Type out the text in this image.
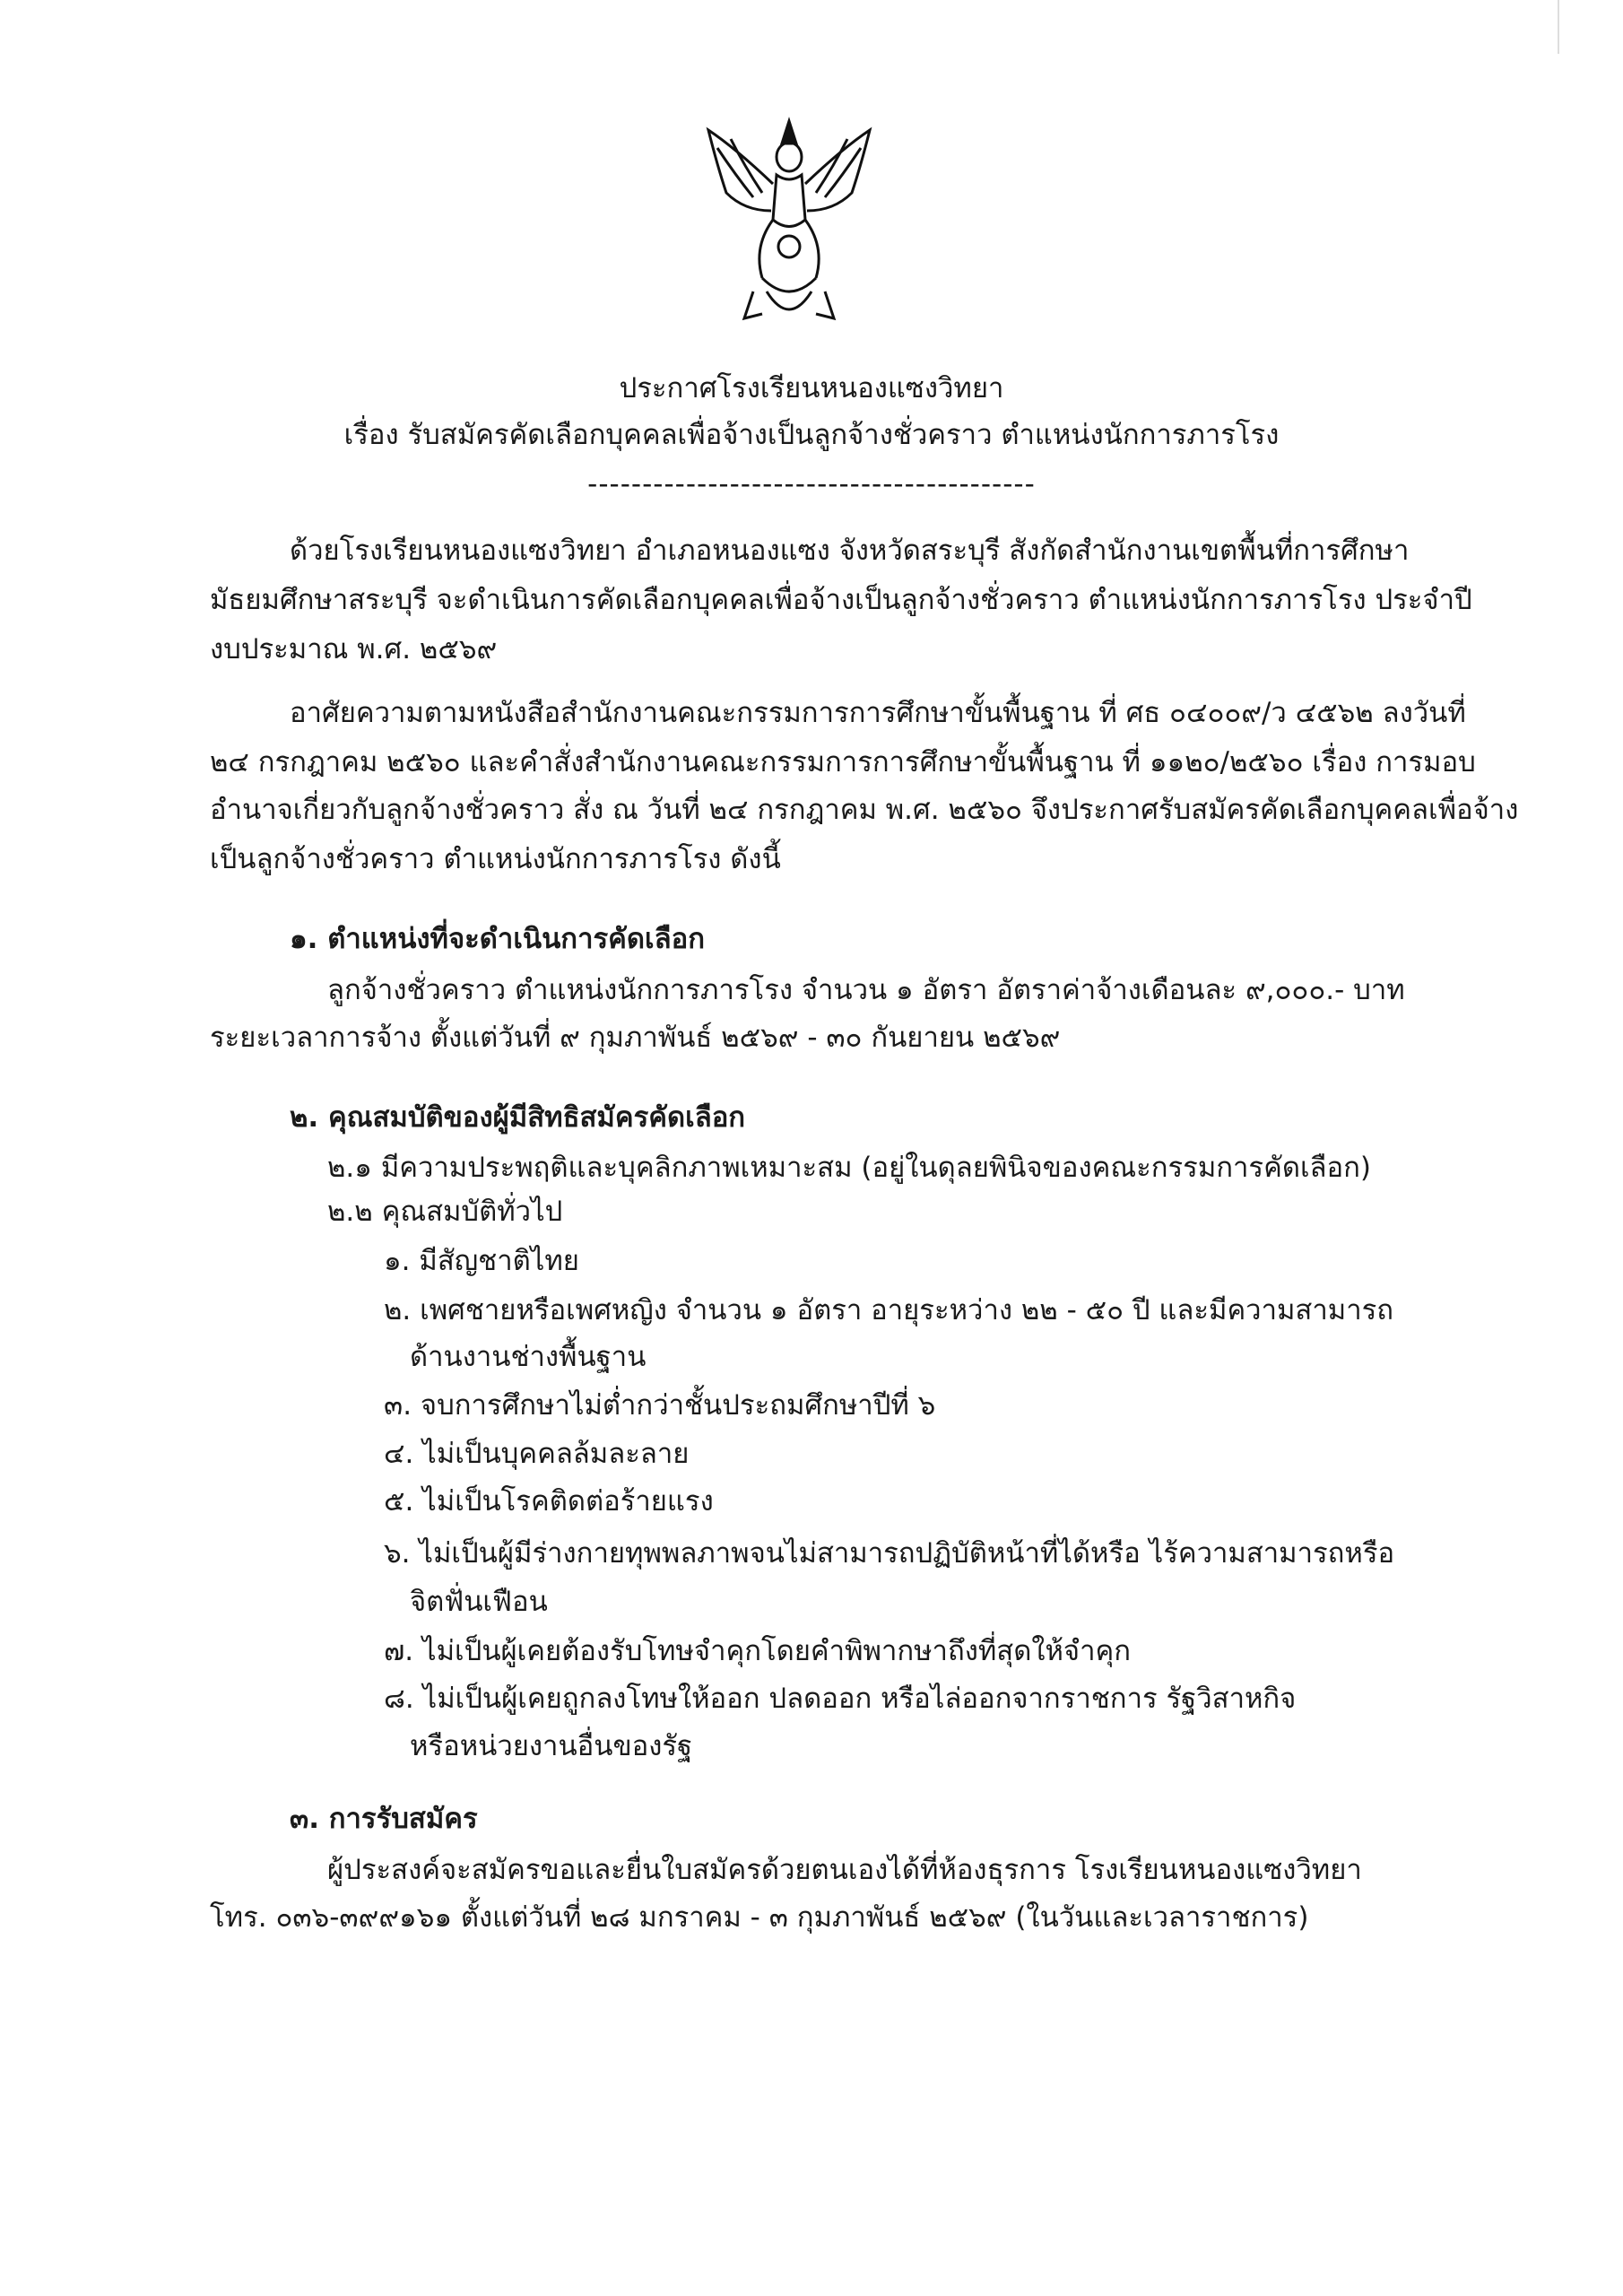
ประกาศโรงเรียนหนองแซงวิทยา
เรื่อง รับสมัครคัดเลือกบุคคลเพื่อจ้างเป็นลูกจ้างชั่วคราว ตำแหน่งนักการภารโรง
-----------------------------------------
ด้วยโรงเรียนหนองแซงวิทยา อำเภอหนองแซง จังหวัดสระบุรี สังกัดสำนักงานเขตพื้นที่การศึกษา
มัธยมศึกษาสระบุรี จะดำเนินการคัดเลือกบุคคลเพื่อจ้างเป็นลูกจ้างชั่วคราว ตำแหน่งนักการภารโรง ประจำปี
งบประมาณ พ.ศ. ๒๕๖๙
อาศัยความตามหนังสือสำนักงานคณะกรรมการการศึกษาขั้นพื้นฐาน ที่ ศธ ๐๔๐๐๙/ว ๔๕๖๒ ลงวันที่
๒๔ กรกฎาคม ๒๕๖๐ และคำสั่งสำนักงานคณะกรรมการการศึกษาขั้นพื้นฐาน ที่ ๑๑๒๐/๒๕๖๐ เรื่อง การมอบ
อำนาจเกี่ยวกับลูกจ้างชั่วคราว สั่ง ณ วันที่ ๒๔ กรกฎาคม พ.ศ. ๒๕๖๐ จึงประกาศรับสมัครคัดเลือกบุคคลเพื่อจ้าง
เป็นลูกจ้างชั่วคราว ตำแหน่งนักการภารโรง ดังนี้
๑. ตำแหน่งที่จะดำเนินการคัดเลือก
ลูกจ้างชั่วคราว ตำแหน่งนักการภารโรง จำนวน ๑ อัตรา อัตราค่าจ้างเดือนละ ๙,๐๐๐.- บาท
ระยะเวลาการจ้าง ตั้งแต่วันที่ ๙ กุมภาพันธ์ ๒๕๖๙ - ๓๐ กันยายน ๒๕๖๙
๒. คุณสมบัติของผู้มีสิทธิสมัครคัดเลือก
๒.๑ มีความประพฤติและบุคลิกภาพเหมาะสม (อยู่ในดุลยพินิจของคณะกรรมการคัดเลือก)
๒.๒ คุณสมบัติทั่วไป
๑. มีสัญชาติไทย
๒. เพศชายหรือเพศหญิง จำนวน ๑ อัตรา อายุระหว่าง ๒๒ - ๕๐ ปี และมีความสามารถ
ด้านงานช่างพื้นฐาน
๓. จบการศึกษาไม่ต่ำกว่าชั้นประถมศึกษาปีที่ ๖
๔. ไม่เป็นบุคคลล้มละลาย
๕. ไม่เป็นโรคติดต่อร้ายแรง
๖. ไม่เป็นผู้มีร่างกายทุพพลภาพจนไม่สามารถปฏิบัติหน้าที่ได้หรือ ไร้ความสามารถหรือ
จิตฟั่นเฟือน
๗. ไม่เป็นผู้เคยต้องรับโทษจำคุกโดยคำพิพากษาถึงที่สุดให้จำคุก
๘. ไม่เป็นผู้เคยถูกลงโทษให้ออก ปลดออก หรือไล่ออกจากราชการ รัฐวิสาหกิจ
หรือหน่วยงานอื่นของรัฐ
๓. การรับสมัคร
ผู้ประสงค์จะสมัครขอและยื่นใบสมัครด้วยตนเองได้ที่ห้องธุรการ โรงเรียนหนองแซงวิทยา
โทร. ๐๓๖-๓๙๙๑๖๑ ตั้งแต่วันที่ ๒๘ มกราคม - ๓ กุมภาพันธ์ ๒๕๖๙ (ในวันและเวลาราชการ)
